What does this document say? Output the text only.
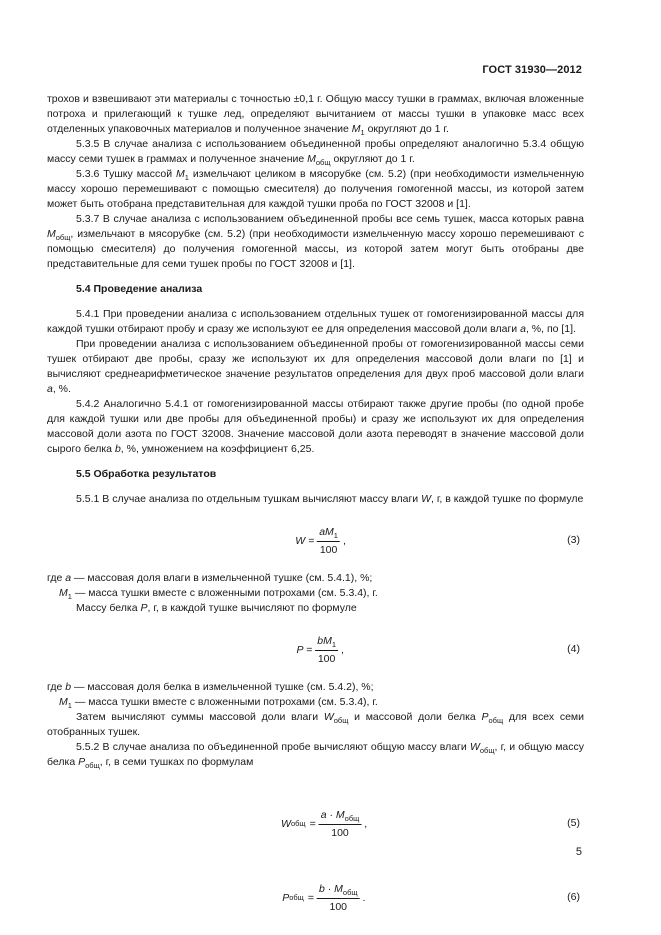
ГОСТ 31930—2012

трохов и взвешивают эти материалы с точностью ±0,1 г. Общую массу тушки в граммах, включая вложенные потроха и прилегающий к тушке лед, определяют вычитанием от массы тушки в упаковке масс всех отделенных упаковочных материалов и полученное значение $M_1$ округляют до 1 г.

5.3.5 В случае анализа с использованием объединенной пробы определяют аналогично 5.3.4 общую массу семи тушек в граммах и полученное значение $M_{общ}$ округляют до 1 г.

5.3.6 Тушку массой $M_1$ измельчают целиком в мясорубке (см. 5.2) (при необходимости измельченную массу хорошо перемешивают с помощью смесителя) до получения гомогенной массы, из которой затем может быть отобрана представительная для каждой тушки проба по ГОСТ 32008 и [1].

5.3.7 В случае анализа с использованием объединенной пробы все семь тушек, масса которых равна $M_{общ}$, измельчают в мясорубке (см. 5.2) (при необходимости измельченную массу хорошо перемешивают с помощью смесителя) до получения гомогенной массы, из которой затем могут быть отобраны две представительные для семи тушек пробы по ГОСТ 32008 и [1].

5.4 Проведение анализа

5.4.1 При проведении анализа с использованием отдельных тушек от гомогенизированной массы для каждой тушки отбирают пробу и сразу же используют ее для определения массовой доли влаги a, %, по [1].

При проведении анализа с использованием объединенной пробы от гомогенизированной массы семи тушек отбирают две пробы, сразу же используют их для определения массовой доли влаги по [1] и вычисляют среднеарифметическое значение результатов определения для двух проб массовой доли влаги a, %.

5.4.2 Аналогично 5.4.1 от гомогенизированной массы отбирают также другие пробы (по одной пробе для каждой тушки или две пробы для объединенной пробы) и сразу же используют их для определения массовой доли азота по ГОСТ 32008. Значение массовой доли азота переводят в значение массовой доли сырого белка b, %, умножением на коэффициент 6,25.

5.5 Обработка результатов

5.5.1 В случае анализа по отдельным тушкам вычисляют массу влаги W, г, в каждой тушке по формуле

$W = \frac{aM_1}{100}$ ,	(3)

где a — массовая доля влаги в измельченной тушке (см. 5.4.1), %;

$M_1$ — масса тушки вместе с вложенными потрохами (см. 5.3.4), г.

Массу белка P, г, в каждой тушке вычисляют по формуле

$P = \frac{bM_1}{100}$ ,	(4)

где b — массовая доля белка в измельченной тушке (см. 5.4.2), %;

$M_1$ — масса тушки вместе с вложенными потрохами (см. 5.3.4), г.

Затем вычисляют суммы массовой доли влаги $W_{общ}$ и массовой доли белка $P_{общ}$ для всех семи отобранных тушек.

5.5.2 В случае анализа по объединенной пробе вычисляют общую массу влаги $W_{общ}$, г, и общую массу белка $P_{общ}$, г, в семи тушках по формулам

W общ = $\frac{a \cdot M_{общ}}{100}$ ,	(5)
P общ = $\frac{b \cdot M_{общ}}{100}$ .	(6)
5
